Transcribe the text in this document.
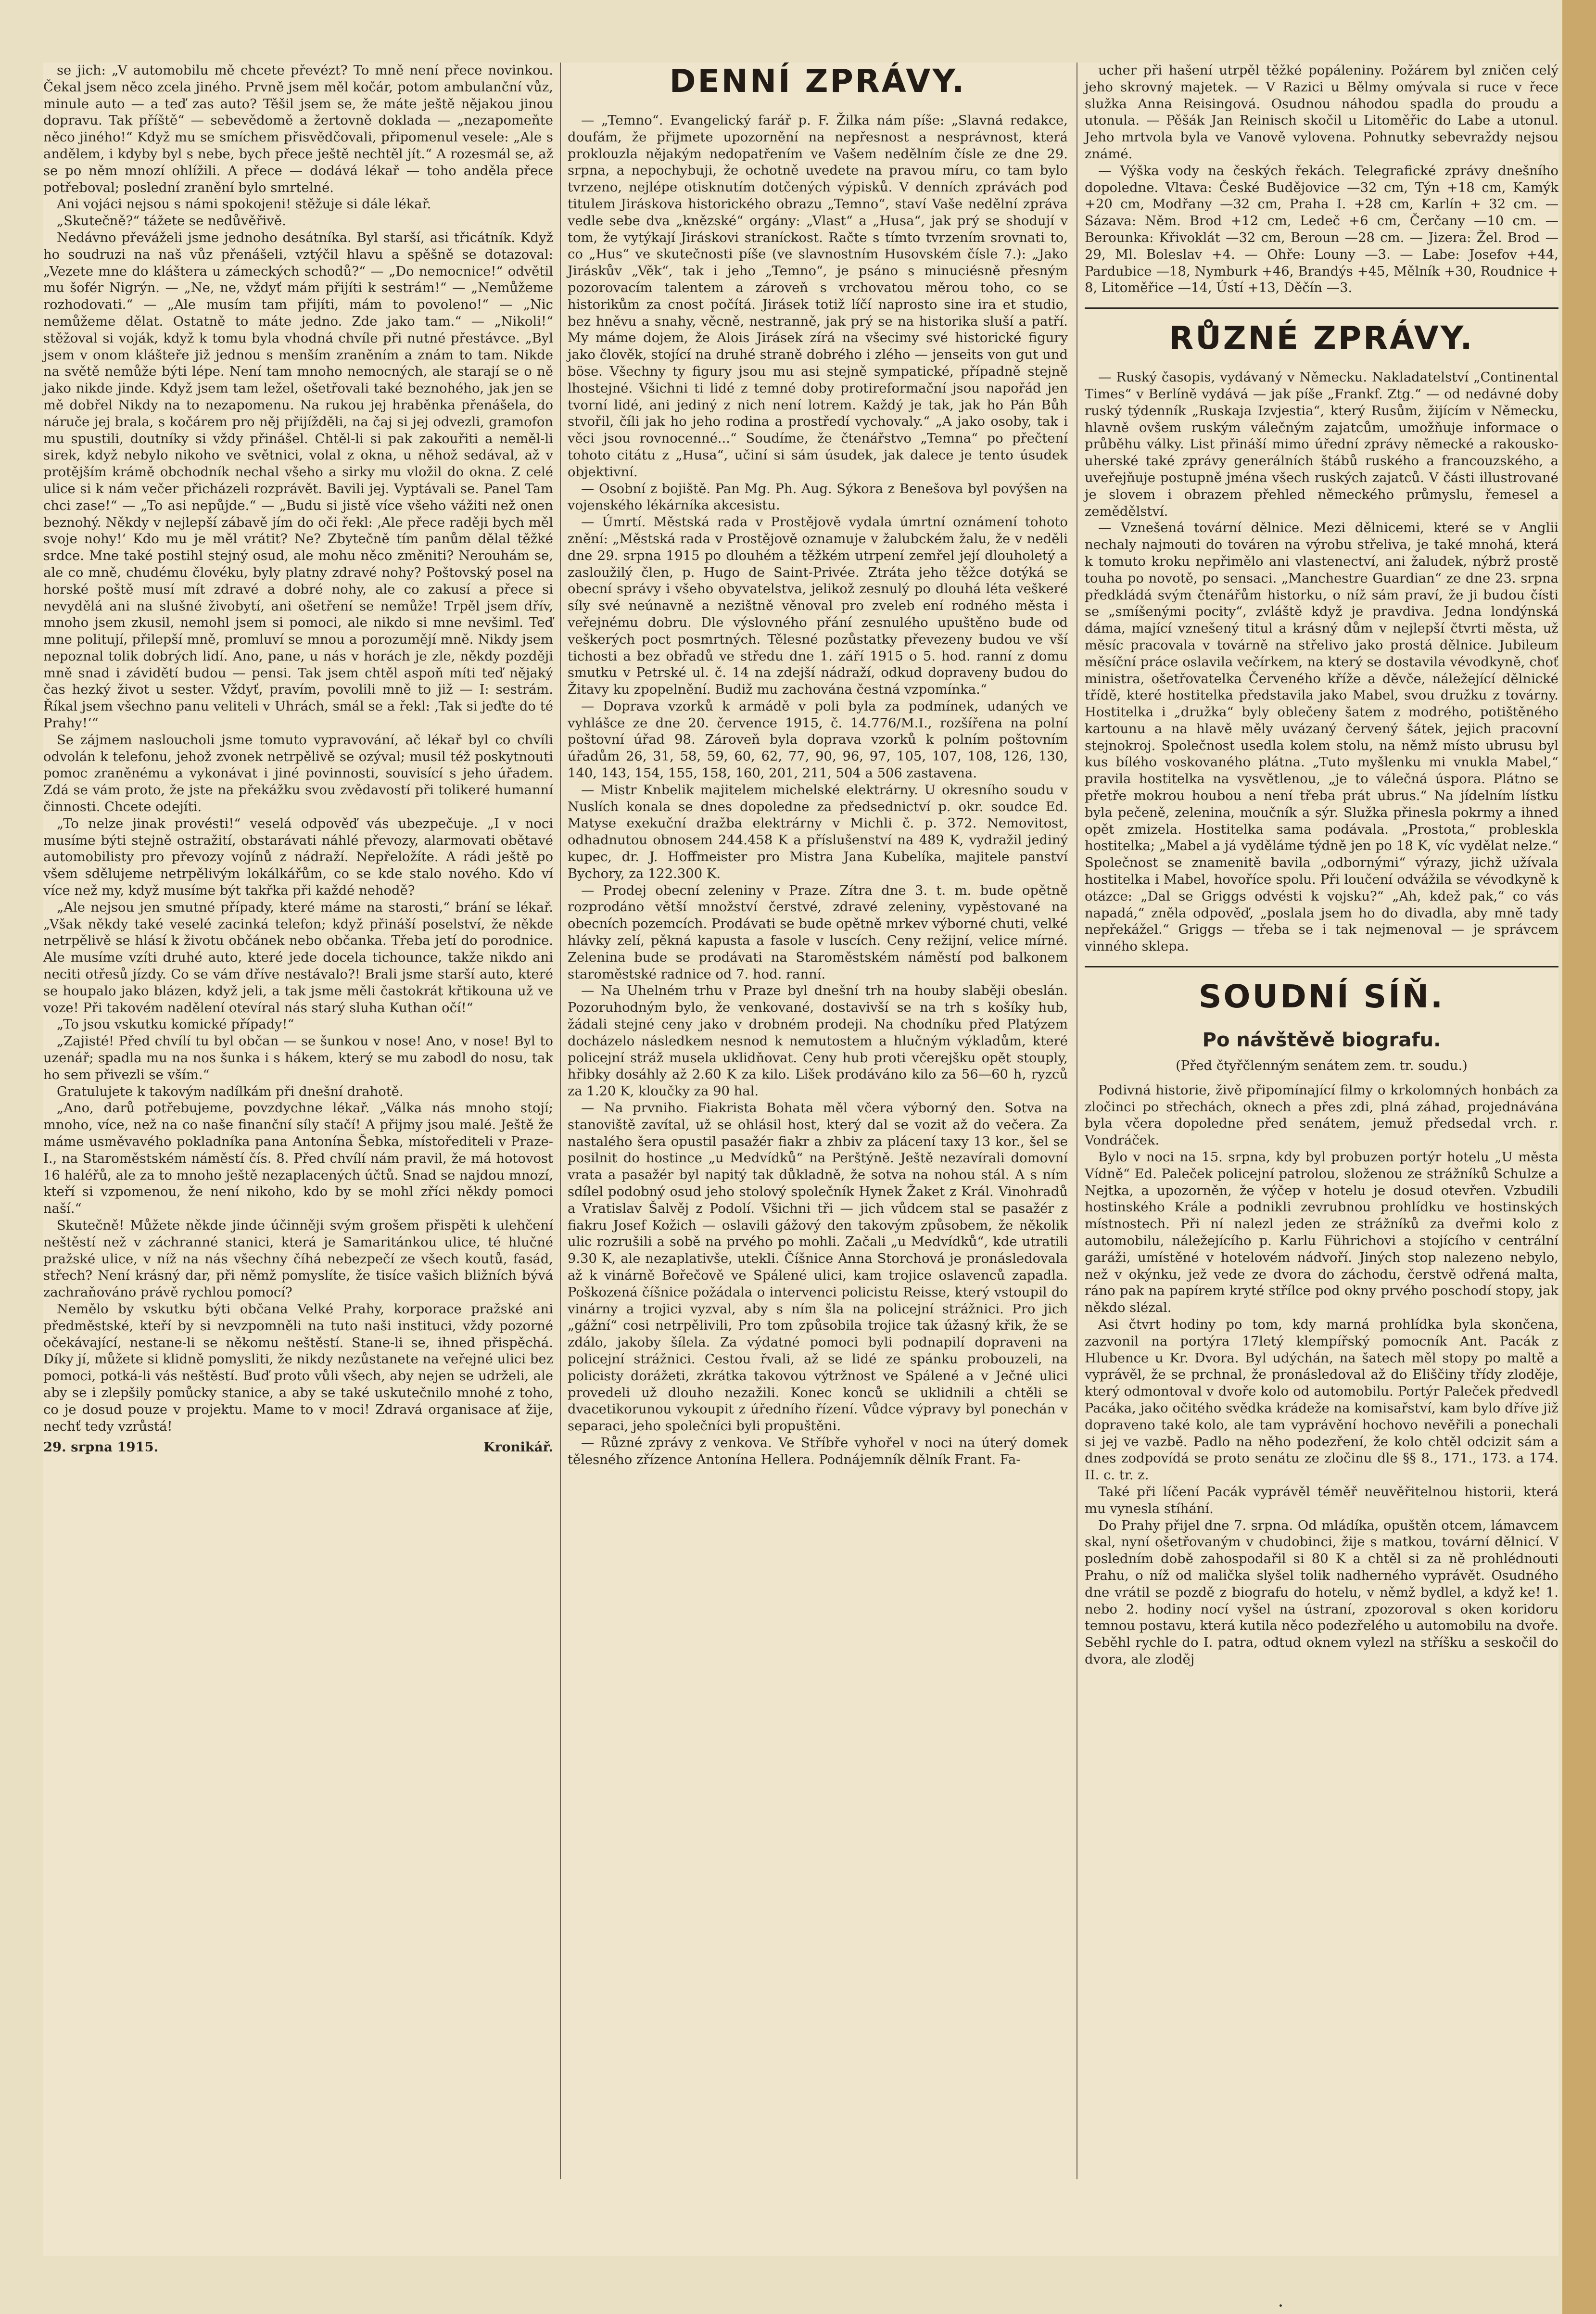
se jich: „V automobilu mě chcete převézt? To mně není přece novinkou. Čekal jsem něco zcela jiného. Prvně jsem měl kočár, potom ambulanční vůz, minule auto — a teď zas auto? Těšil jsem se, že máte ještě nějakou jinou dopravu. Tak příště“ — sebevědomě a žertovně doklada — „nezapomeňte něco jiného!“ Když mu se smíchem přisvědčovali, připomenul vesele: „Ale s andělem, i kdyby byl s nebe, bych přece ještě nechtěl jít.“ A rozesmál se, až se po něm mnozí ohlížili. A přece — dodává lékař — toho anděla přece potřeboval; poslední zranění bylo smrtelné.

Ani vojáci nejsou s námi spokojeni! stěžuje si dále lékař.

„Skutečně?“ tážete se nedůvěřivě.

Nedávno převáželi jsme jednoho desátníka. Byl starší, asi třicátník. Když ho soudruzi na naš vůz přenášeli, vztýčil hlavu a spěšně se dotazoval: „Vezete mne do kláštera u zámeckých schodů?“ — „Do nemocnice!“ odvětil mu šofér Nigrýn. — „Ne, ne, vždyť mám přijíti k sestrám!“ — „Nemůžeme rozhodovati.“ — „Ale musím tam přijíti, mám to povoleno!“ — „Nic nemůžeme dělat. Ostatně to máte jedno. Zde jako tam.“ — „Nikoli!“ stěžoval si voják, když k tomu byla vhodná chvíle při nutné přestávce. „Byl jsem v onom klášteře již jednou s menším zraněním a znám to tam. Nikde na světě nemůže býti lépe. Není tam mnoho nemocných, ale starají se o ně jako nikde jinde. Když jsem tam ležel, ošetřovali také beznohého, jak jen se mě dobřel Nikdy na to nezapomenu. Na rukou jej hraběnka přenášela, do náruče jej brala, s kočárem pro něj přijížděli, na čaj si jej odvezli, gramofon mu spustili, doutníky si vždy přinášel. Chtěl-li si pak zakouřiti a neměl-li sirek, když nebylo nikoho ve světnici, volal z okna, u něhož sedával, až v protějším krámě obchodník nechal všeho a sirky mu vložil do okna. Z celé ulice si k nám večer přicházeli rozprávět. Bavili jej. Vyptávali se. Panel Tam chci zase!“ — „To asi nepůjde.“ — „Budu si jistě více všeho vážiti než onen beznohý. Někdy v nejlepší zábavě jím do oči řekl: ‚Ale přece raději bych měl svoje nohy!‘ Kdo mu je měl vrátit? Ne? Zbytečně tím panům dělal těžké srdce. Mne také postihl stejný osud, ale mohu něco změniti? Nerouhám se, ale co mně, chudému človéku, byly platny zdravé nohy? Poštovský posel na horské poště musí mít zdravé a dobré nohy, ale co zakusí a přece si nevydělá ani na slušné živobytí, ani ošetření se nemůže! Trpěl jsem dřív, mnoho jsem zkusil, nemohl jsem si pomoci, ale nikdo si mne nevšiml. Teď mne politují, přilepší mně, promluví se mnou a porozumějí mně. Nikdy jsem nepoznal tolik dobrých lidí. Ano, pane, u nás v horách je zle, někdy později mně snad i závidětí budou — pensi. Tak jsem chtěl aspoň míti teď nějaký čas hezký život u sester. Vždyť, pravím, povolili mně to již — I: sestrám. Říkal jsem všechno panu veliteli v Uhrách, smál se a řekl: ‚Tak si jeďte do té Prahy!‘“

Se zájmem nasloucholi jsme tomuto vypravování, ač lékař byl co chvíli odvolán k telefonu, jehož zvonek netrpělivě se ozýval; musil též poskytnouti pomoc zraněnému a vykonávat i jiné povinnosti, souvisící s jeho úřadem. Zdá se vám proto, že jste na překážku svou zvědavostí při tolikeré humanní činnosti. Chcete odejíti.

„To nelze jinak provésti!“ veselá odpověď vás ubezpečuje. „I v noci musíme býti stejně ostražití, obstarávati náhlé převozy, alarmovati obětavé automobilisty pro převozy vojínů z nádraží. Nepřeložíte. A rádi ještě po všem sdělujeme netrpělivým lokálkářům, co se kde stalo nového. Kdo ví více než my, když musíme být takřka při každé nehodě?

„Ale nejsou jen smutné případy, které máme na starosti,“ brání se lékař. „Však někdy také veselé zacinká telefon; když přináší poselství, že někde netrpělivě se hlásí k životu občánek nebo občanka. Třeba jetí do porodnice. Ale musíme vzíti druhé auto, které jede docela tichounce, takže nikdo ani neciti otřesů jízdy. Co se vám dříve nestávalo?! Brali jsme starší auto, které se houpalo jako blázen, když jeli, a tak jsme měli častokrát křtikouna už ve voze! Při takovém nadělení otevíral nás starý sluha Kuthan očí!“

„To jsou vskutku komické případy!“

„Zajisté! Před chvílí tu byl občan — se šunkou v nose! Ano, v nose! Byl to uzenář; spadla mu na nos šunka i s hákem, který se mu zabodl do nosu, tak ho sem přivezli se vším.“

Gratulujete k takovým nadílkám při dnešní drahotě.

„Ano, darů potřebujeme, povzdychne lékař. „Válka nás mnoho stojí; mnoho, více, než na co naše finanční síly stačí! A přijmy jsou malé. Ještě že máme usměvavého pokladníka pana Antonína Šebka, místořediteli v Praze-I., na Staroměstském náměstí čís. 8. Před chvílí nám pravil, že má hotovost 16 haléřů, ale za to mnoho ještě nezaplacených účtů. Snad se najdou mnozí, kteří si vzpomenou, že není nikoho, kdo by se mohl zříci někdy pomoci naší.“

Skutečně! Můžete někde jinde účinněji svým grošem přispěti k ulehčení neštěstí než v záchranné stanici, která je Samaritánkou ulice, té hlučné pražské ulice, v níž na nás všechny číhá nebezpečí ze všech koutů, fasád, střech? Není krásný dar, při němž pomyslíte, že tisíce vašich bližních bývá zachraňováno právě rychlou pomocí?

Nemělo by vskutku býti občana Velké Prahy, korporace pražské ani předměstské, kteří by si nevzpomněli na tuto naši instituci, vždy pozorné očekávající, nestane-li se někomu neštěstí. Stane-li se, ihned přispěchá. Díky jí, můžete si klidně pomysliti, že nikdy nezůstanete na veřejné ulici bez pomoci, potká-li vás neštěstí. Buď proto vůli všech, aby nejen se udrželi, ale aby se i zlepšily pomůcky stanice, a aby se také uskutečnilo mnohé z toho, co je dosud pouze v projektu. Mame to v moci! Zdravá organisace ať žije, nechť tedy vzrůstá!

29. srpna 1915.	Kronikář.
DENNÍ ZPRÁVY.

— „Temno“. Evangelický farář p. F. Žilka nám píše: „Slavná redakce, doufám, že přijmete upozornění na nepřesnost a nesprávnost, která proklouzla nějakým nedopatřením ve Vašem nedělním čísle ze dne 29. srpna, a nepochybuji, že ochotně uvedete na pravou míru, co tam bylo tvrzeno, nejlépe otisknutím dotčených výpisků. V denních zprávách pod titulem Jiráskova historického obrazu „Temno“, staví Vaše nedělní zpráva vedle sebe dva „knězské“ orgány: „Vlast“ a „Husa“, jak prý se shodují v tom, že vytýkají Jiráskovi straníckost. Račte s tímto tvrzením srovnati to, co „Hus“ ve skutečnosti píše (ve slavnostním Husovském čísle 7.): „Jako Jiráskův „Věk“, tak i jeho „Temno“, je psáno s minuciésně přesným pozorovacím talentem a zároveň s vrchovatou měrou toho, co se historikům za cnost počítá. Jirásek totiž líčí naprosto sine ira et studio, bez hněvu a snahy, věcně, nestranně, jak prý se na historika sluší a patří. My máme dojem, že Alois Jirásek zírá na všecimy své historické figury jako člověk, stojící na druhé straně dobrého i zlého — jenseits von gut und böse. Všechny ty figury jsou mu asi stejně sympatické, případně stejně lhostejné. Všichni ti lidé z temné doby protireformační jsou napořád jen tvorní lidé, ani jediný z nich není lotrem. Každý je tak, jak ho Pán Bůh stvořil, číli jak ho jeho rodina a prostředí vychovaly.“ „A jako osoby, tak i věci jsou rovnocenné...“ Soudíme, že čtenářstvo „Temna“ po přečtení tohoto citátu z „Husa“, učiní si sám úsudek, jak dalece je tento úsudek objektivní.

— Osobní z bojiště. Pan Mg. Ph. Aug. Sýkora z Benešova byl povýšen na vojenského lékárníka akcesistu.

— Úmrtí. Městská rada v Prostějově vydala úmrtní oznámení tohoto znění: „Městská rada v Prostějově oznamuje v žalubckém žalu, že v neděli dne 29. srpna 1915 po dlouhém a těžkém utrpení zemřel její dlouholetý a zasloužilý člen, p. Hugo de Saint-Privée. Ztráta jeho těžce dotýká se obecní správy i všeho obyvatelstva, jelikož zesnulý po dlouhá léta veškeré síly své neúnavně a nezištně věnoval pro zveleb ení rodného města i veřejnému dobru. Dle výslovného přání zesnulého upuštěno bude od veškerých poct posmrtných. Tělesné pozůstatky převezeny budou ve vší tichosti a bez obřadů ve středu dne 1. září 1915 o 5. hod. ranní z domu smutku v Petrské ul. č. 14 na zdejší nádraží, odkud dopraveny budou do Žitavy ku zpopelnění. Budiž mu zachována čestná vzpomínka.“

— Doprava vzorků k armádě v poli byla za podmínek, udaných ve vyhlášce ze dne 20. července 1915, č. 14.776/M.I., rozšířena na polní poštovní úřad 98. Zároveň byla doprava vzorků k polním poštovním úřadům 26, 31, 58, 59, 60, 62, 77, 90, 96, 97, 105, 107, 108, 126, 130, 140, 143, 154, 155, 158, 160, 201, 211, 504 a 506 zastavena.

— Mistr Knbelik majitelem michelské elektrárny. U okresního soudu v Nuslích konala se dnes dopoledne za předsednictví p. okr. soudce Ed. Matyse exekuční dražba elektrárny v Michli č. p. 372. Nemovitost, odhadnutou obnosem 244.458 K a příslušenství na 489 K, vydražil jediný kupec, dr. J. Hoffmeister pro Mistra Jana Kubelíka, majitele panství Bychory, za 122.300 K.

— Prodej obecní zeleniny v Praze. Zítra dne 3. t. m. bude opětně rozprodáno větší množství čerstvé, zdravé zeleniny, vypěstované na obecních pozemcích. Prodávati se bude opětně mrkev výborné chuti, velké hlávky zelí, pěkná kapusta a fasole v luscích. Ceny režijní, velice mírné. Zelenina bude se prodávati na Staroměstském náměstí pod balkonem staroměstské radnice od 7. hod. ranní.

— Na Uhelném trhu v Praze byl dnešní trh na houby slaběji obeslán. Pozoruhodným bylo, že venkované, dostavivší se na trh s košíky hub, žádali stejné ceny jako v drobném prodeji. Na chodníku před Platýzem docházelo následkem nesnod k nemutostem a hlučným výkladům, které policejní stráž musela uklidňovat. Ceny hub proti včerejšku opět stouply, hřibky dosáhly až 2.60 K za kilo. Lišek prodáváno kilo za 56—60 h, ryzců za 1.20 K, kloučky za 90 hal.

— Na prvniho. Fiakrista Bohata měl včera výborný den. Sotva na stanoviště zavítal, už se ohlásil host, který dal se vozit až do večera. Za nastalého šera opustil pasažér fiakr a zhbiv za plácení taxy 13 kor., šel se posilnit do hostince „u Medvídků“ na Perštýně. Ještě nezavírali domovní vrata a pasažér byl napitý tak důkladně, že sotva na nohou stál. A s ním sdílel podobný osud jeho stolový společník Hynek Žaket z Král. Vinohradů a Vratislav Šalvěj z Podolí. Všichni tři — jich vůdcem stal se pasažér z fiakru Josef Kožich — oslavili gážový den takovým způsobem, že několik ulic rozrušili a sobě na prvého po mohli. Začali „u Medvídků“, kde utratili 9.30 K, ale nezaplativše, utekli. Číšnice Anna Storchová je pronásledovala až k vinárně Bořečově ve Spálené ulici, kam trojice oslavenců zapadla. Poškozená číšnice požádala o intervenci policistu Reisse, který vstoupil do vinárny a trojici vyzval, aby s ním šla na policejní strážnici. Pro jich „gážní“ cosi netrpělivili, Pro tom způsobila trojice tak úžasný křik, že se zdálo, jakoby šílela. Za výdatné pomoci byli podnapilí dopraveni na policejní strážnici. Cestou řvali, až se lidé ze spánku probouzeli, na policisty dorážeti, zkrátka takovou výtržnost ve Spálené a v Ječné ulici provedeli už dlouho nezažili. Konec konců se uklidnili a chtěli se dvacetikorunou vykoupit z úředního řízení. Vůdce výpravy byl ponechán v separaci, jeho společníci byli propuštěni.

— Různé zprávy z venkova. Ve Stříbře vyhořel v noci na úterý domek tělesného zřízence Antonína Hellera. Podnájemník dělník Frant. Fa-

ucher při hašení utrpěl těžké popáleniny. Požárem byl zničen celý jeho skrovný majetek. — V Razici u Bělmy omývala si ruce v řece služka Anna Reisingová. Osudnou náhodou spadla do proudu a utonula. — Pěšák Jan Reinisch skočil u Litoměřic do Labe a utonul. Jeho mrtvola byla ve Vanově vylovena. Pohnutky sebevraždy nejsou známé.

— Výška vody na českých řekách. Telegrafické zprávy dnešního dopoledne. Vltava: České Budějovice —32 cm, Týn +18 cm, Kamýk +20 cm, Modřany —32 cm, Praha I. +28 cm, Karlín + 32 cm. — Sázava: Něm. Brod +12 cm, Ledeč +6 cm, Čerčany —10 cm. — Berounka: Křivoklát —32 cm, Beroun —28 cm. — Jizera: Žel. Brod —29, Ml. Boleslav +4. — Ohře: Louny —3. — Labe: Josefov +44, Pardubice —18, Nymburk +46, Brandýs +45, Mělník +30, Roudnice + 8, Litoměřice —14, Ústí +13, Děčín —3.

RŮZNÉ ZPRÁVY.

— Ruský časopis, vydávaný v Německu. Nakladatelství „Continental Times“ v Berlíně vydává — jak píše „Frankf. Ztg.“ — od nedávné doby ruský týdenník „Ruskaja Izvjestia“, který Rusům, žijícím v Německu, hlavně ovšem ruským válečným zajatcům, umožňuje informace o průběhu války. List přináší mimo úřední zprávy německé a rakousko-uherské také zprávy generálních štábů ruského a francouzského, a uveřejňuje postupně jména všech ruských zajatců. V části illustrované je slovem i obrazem přehled německého průmyslu, řemesel a zemědělství.

— Vznešená tovární dělnice. Mezi dělnicemi, které se v Anglii nechaly najmouti do továren na výrobu střeliva, je také mnohá, která k tomuto kroku nepřimělo ani vlastenectví, ani žaludek, nýbrž prostě touha po novotě, po sensaci. „Manchestre Guardian“ ze dne 23. srpna předkládá svým čtenářům historku, o níž sám praví, že ji budou čísti se „smíšenými pocity“, zvláště když je pravdiva. Jedna londýnská dáma, mající vznešený titul a krásný dům v nejlepší čtvrti města, už měsíc pracovala v továrně na střelivo jako prostá dělnice. Jubileum měsíční práce oslavila večírkem, na který se dostavila vévodkyně, choť ministra, ošetřovatelka Červeného kříže a děvče, náležející dělnické třídě, které hostitelka představila jako Mabel, svou družku z továrny. Hostitelka i „družka“ byly oblečeny šatem z modrého, potištěného kartounu a na hlavě měly uvázaný červený šátek, jejich pracovní stejnokroj. Společnost usedla kolem stolu, na němž místo ubrusu byl kus bílého voskovaného plátna. „Tuto myšlenku mi vnukla Mabel,“ pravila hostitelka na vysvětlenou, „je to válečná úspora. Plátno se přetře mokrou houbou a není třeba prát ubrus.“ Na jídelním lístku byla pečeně, zelenina, moučník a sýr. Služka přinesla pokrmy a ihned opět zmizela. Hostitelka sama podávala. „Prostota,“ probleskla hostitelka; „Mabel a já vyděláme týdně jen po 18 K, víc vydělat nelze.“ Společnost se znamenitě bavila „odbornými“ výrazy, jichž užívala hostitelka i Mabel, hovoříce spolu. Při loučení odvážila se vévodkyně k otázce: „Dal se Griggs odvésti k vojsku?“ „Ah, kdež pak,“ co vás napadá,“ zněla odpověď, „poslala jsem ho do divadla, aby mně tady nepřekážel.“ Griggs — třeba se i tak nejmenoval — je správcem vinného sklepa.

SOUDNÍ SÍŇ.
Po návštěvě biografu.

(Před čtyřčlenným senátem zem. tr. soudu.)

Podivná historie, živě připomínající filmy o krkolomných honbách za zločinci po střechách, oknech a přes zdi, plná záhad, projednávána byla včera dopoledne před senátem, jemuž předsedal vrch. r. Vondráček.

Bylo v noci na 15. srpna, kdy byl probuzen portýr hotelu „U města Vídně“ Ed. Paleček policejní patrolou, složenou ze strážníků Schulze a Nejtka, a upozorněn, že výčep v hotelu je dosud otevřen. Vzbudili hostinského Krále a podnikli zevrubnou prohlídku ve hostinských místnostech. Při ní nalezl jeden ze strážníků za dveřmi kolo z automobilu, náležejícího p. Karlu Führichovi a stojícího v centrální garáži, umístěné v hotelovém nádvoří. Jiných stop nalezeno nebylo, než v okýnku, jež vede ze dvora do záchodu, čerstvě odřená malta, ráno pak na papírem kryté střílce pod okny prvého poschodí stopy, jak někdo slézal.

Asi čtvrt hodiny po tom, kdy marná prohlídka byla skončena, zazvonil na portýra 17letý klempířský pomocník Ant. Pacák z Hlubence u Kr. Dvora. Byl udýchán, na šatech měl stopy po maltě a vyprávěl, že se prchnal, že pronásledoval až do Eliščiny třídy zloděje, který odmontoval v dvoře kolo od automobilu. Portýr Paleček předvedl Pacáka, jako očitého svědka krádeže na komisařství, kam bylo dříve již dopraveno také kolo, ale tam vyprávění hochovo nevěřili a ponechali si jej ve vazbě. Padlo na něho podezření, že kolo chtěl odcizit sám a dnes zodpovídá se proto senátu ze zločinu dle §§ 8., 171., 173. a 174. II. c. tr. z.

Také při líčení Pacák vyprávěl téměř neuvěřitelnou historii, která mu vynesla stíhání.

Do Prahy přijel dne 7. srpna. Od mládíka, opuštěn otcem, lámavcem skal, nyní ošetřovaným v chudobinci, žije s matkou, tovární dělnicí. V posledním době zahospodařil si 80 K a chtěl si za ně prohlédnouti Prahu, o níž od malička slyšel tolik nadherného vyprávět. Osudného dne vrátil se pozdě z biografu do hotelu, v němž bydlel, a když ke! 1. nebo 2. hodiny nocí vyšel na ústraní, zpozoroval s oken koridoru temnou postavu, která kutila něco podezřelého u automobilu na dvoře. Seběhl rychle do I. patra, odtud oknem vylezl na stříšku a seskočil do dvora, ale zloděj
